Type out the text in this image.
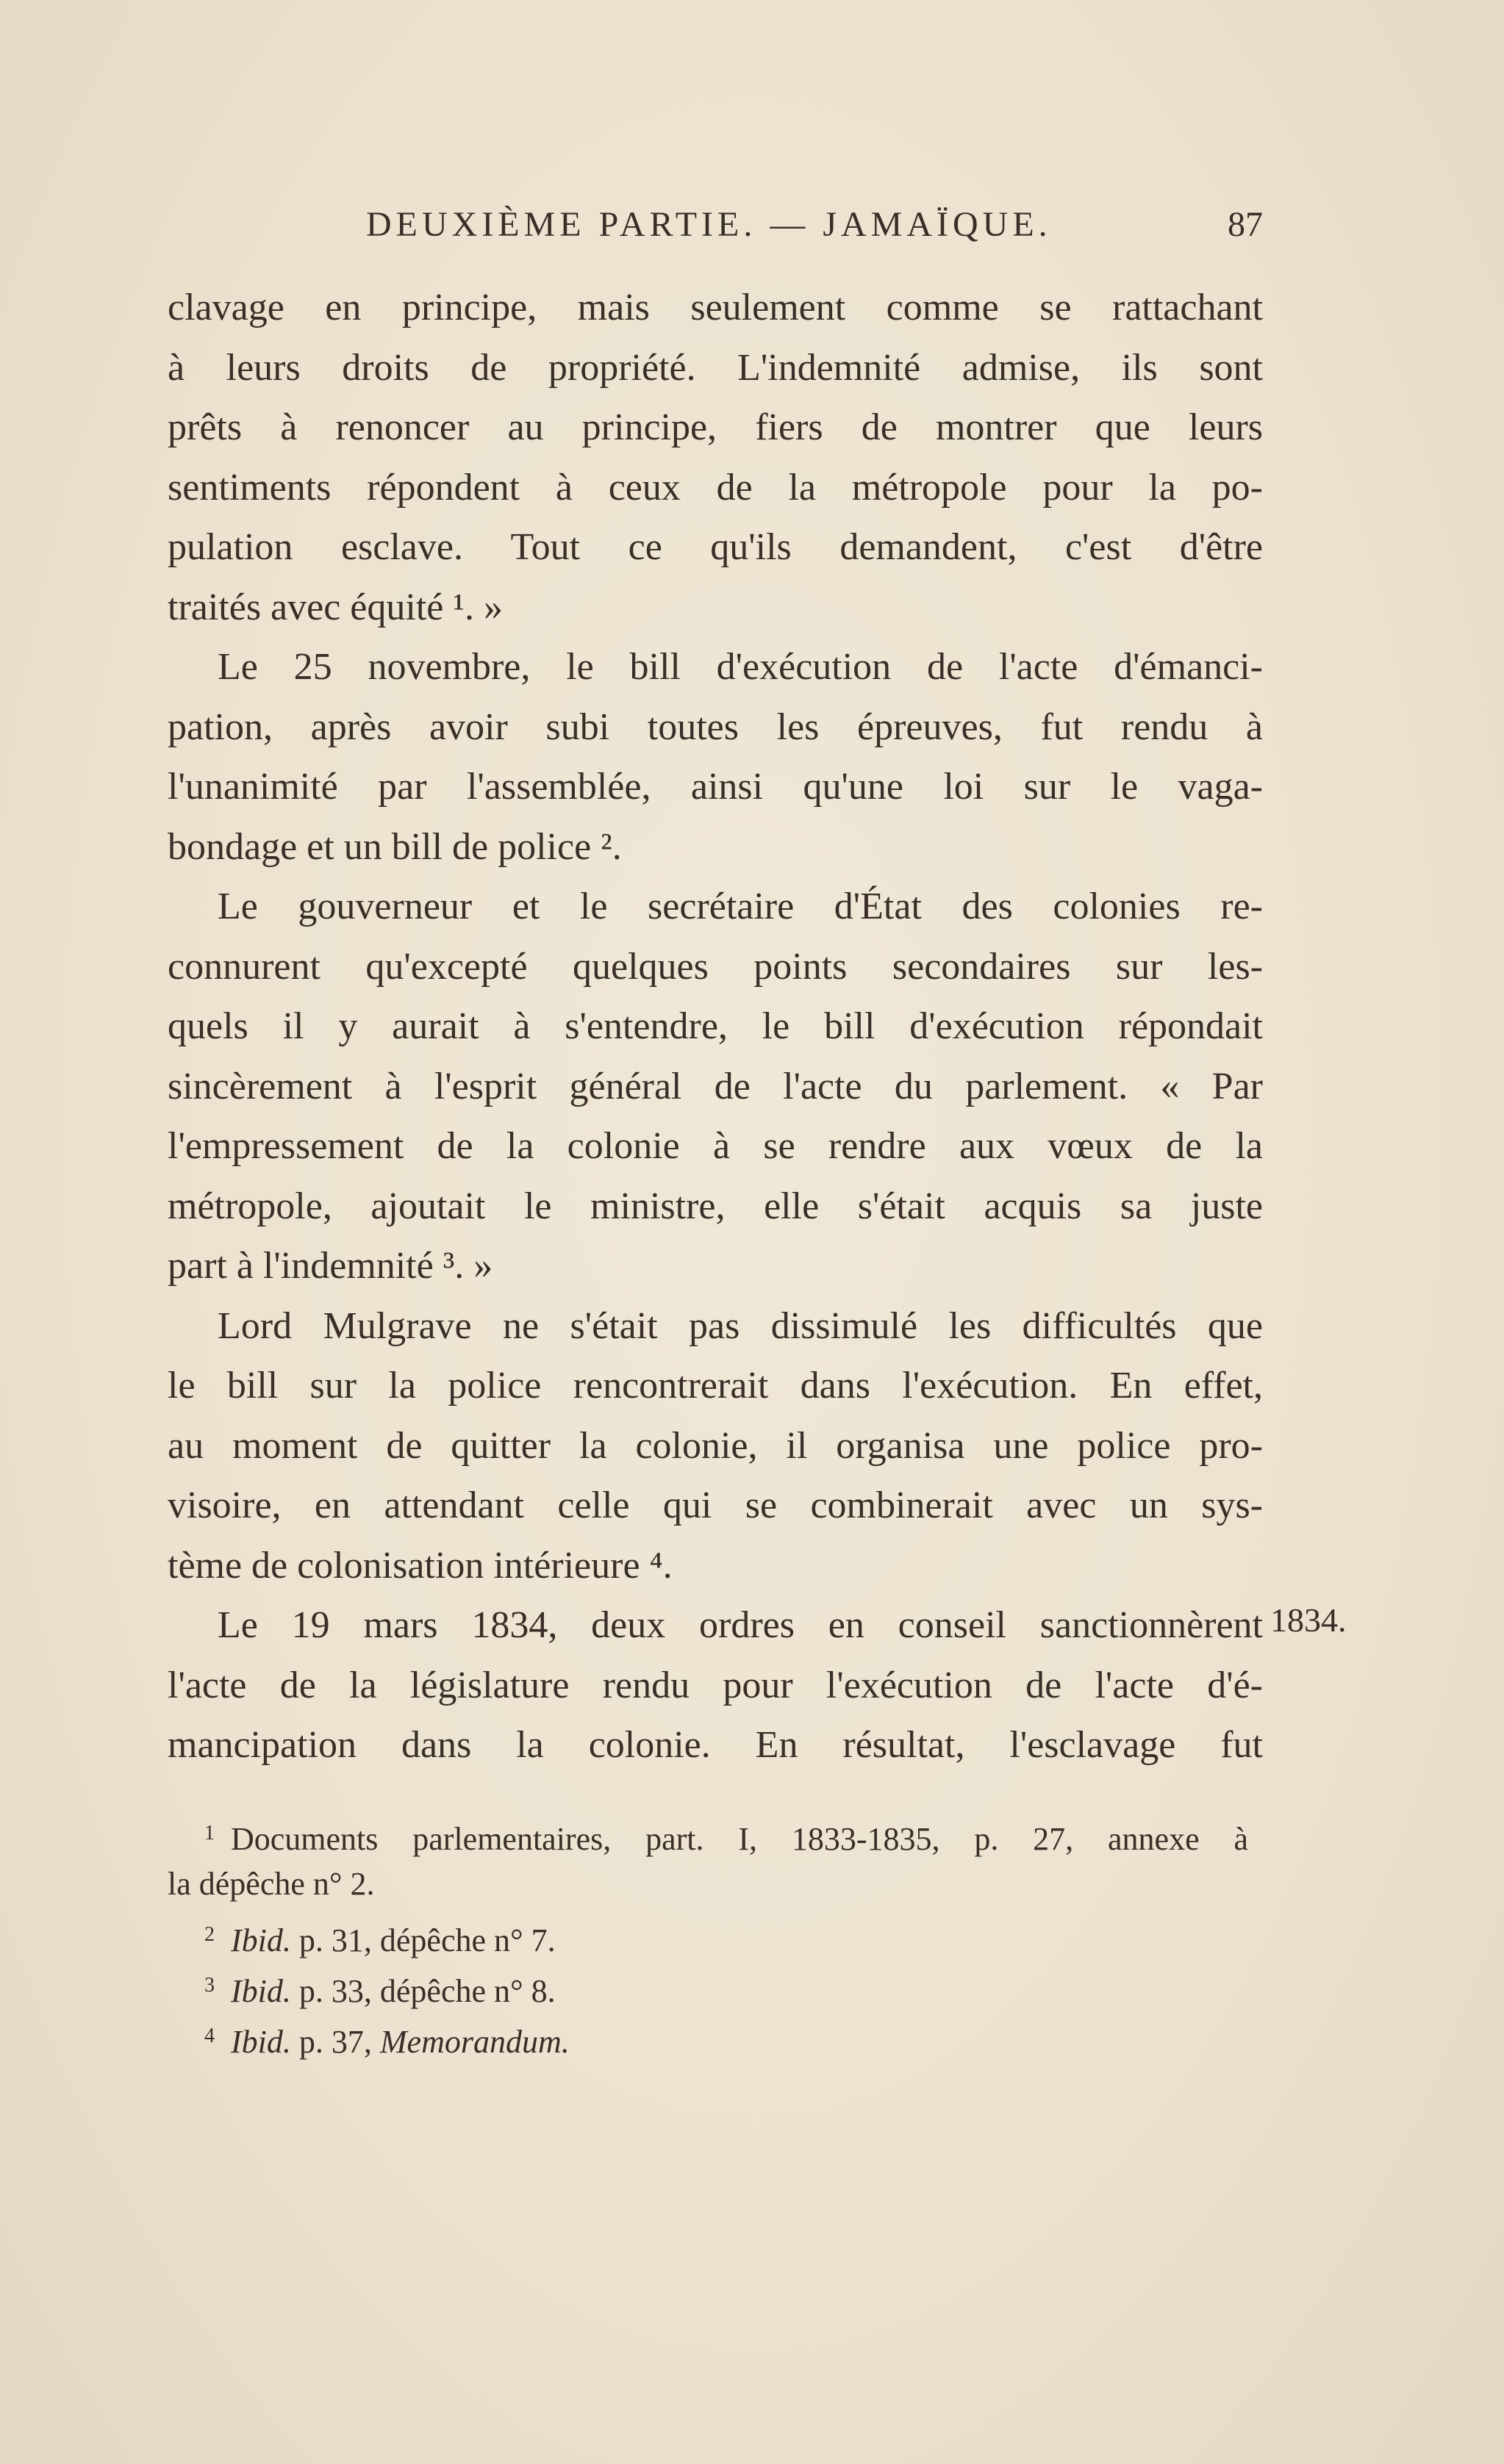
DEUXIÈME PARTIE. — JAMAÏQUE.	87
clavage en principe, mais seulement comme se rattachant
à leurs droits de propriété. L'indemnité admise, ils sont
prêts à renoncer au principe, fiers de montrer que leurs
sentiments répondent à ceux de la métropole pour la po-
pulation esclave. Tout ce qu'ils demandent, c'est d'être
traités avec équité ¹. »
Le 25 novembre, le bill d'exécution de l'acte d'émanci-
pation, après avoir subi toutes les épreuves, fut rendu à
l'unanimité par l'assemblée, ainsi qu'une loi sur le vaga-
bondage et un bill de police ².
Le gouverneur et le secrétaire d'État des colonies re-
connurent qu'excepté quelques points secondaires sur les-
quels il y aurait à s'entendre, le bill d'exécution répondait
sincèrement à l'esprit général de l'acte du parlement. « Par
l'empressement de la colonie à se rendre aux vœux de la
métropole, ajoutait le ministre, elle s'était acquis sa juste
part à l'indemnité ³. »
Lord Mulgrave ne s'était pas dissimulé les difficultés que
le bill sur la police rencontrerait dans l'exécution. En effet,
au moment de quitter la colonie, il organisa une police pro-
visoire, en attendant celle qui se combinerait avec un sys-
tème de colonisation intérieure ⁴.
Le 19 mars 1834, deux ordres en conseil sanctionnèrent
l'acte de la législature rendu pour l'exécution de l'acte d'é-
mancipation dans la colonie. En résultat, l'esclavage fut
1834.
$^1$ Documents parlementaires, part. I, 1833-1835, p. 27, annexe à
la dépêche n° 2.
$^2$ Ibid. p. 31, dépêche n° 7.
$^3$ Ibid. p. 33, dépêche n° 8.
$^4$ Ibid. p. 37, Memorandum.
